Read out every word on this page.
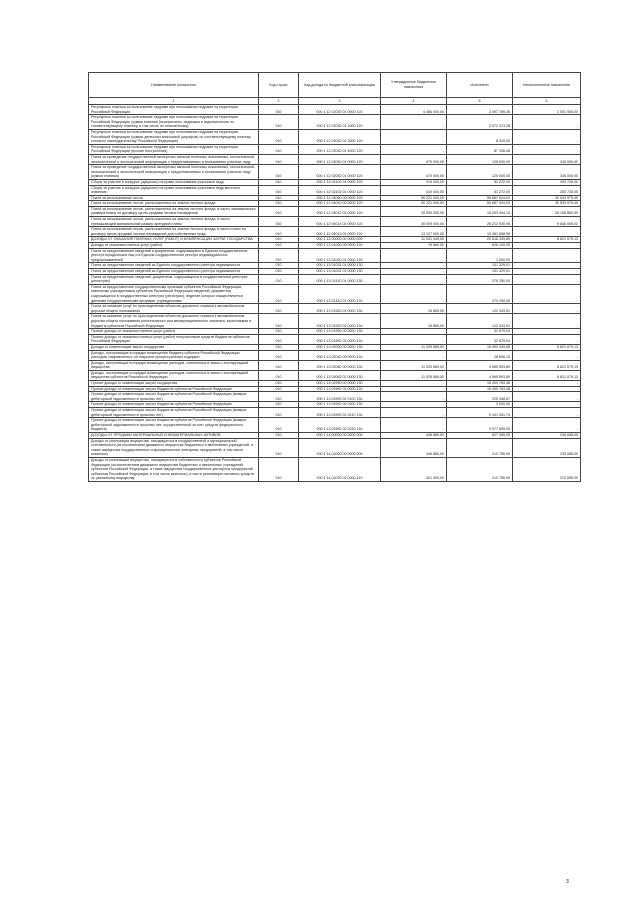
Наименование показателя	Код строки	Код дохода по бюджетной классификации	Утвержденные бюджетные назначения	Исполнено	Неисполненные назначения
1	2	3	4	5	6
Регулярные платежи за пользование недрами при пользовании недрами на территории Российской Федерации	010	000 1 12 02030 01 0000 120	4 466 000,00	3 097 789,36	2 051 506,00
Регулярные платежи за пользование недрами при пользовании недрами на территории Российской Федерации (сумма платежа (перерасчеты, недоимка и задолженность по соответствующему платежу, в том числе по отмененному)	010	000 1 12 02030 01 1000 120	-	2 972 373,28	-
Регулярные платежи за пользование недрами при пользовании недрами на территории Российской Федерации (суммы денежных взысканий (штрафов) по соответствующему платежу согласно законодательству Российской Федерации)	010	000 1 12 02030 01 3000 120	-	8 310,00	-
Регулярные платежи за пользование недрами при пользовании недрами на территории Российской Федерации (прочие поступления)	010	000 1 12 02030 01 4000 120	-	87 106,08	-
Плата за проведение государственной экспертизы запасов полезных ископаемых, геологической, экономической и экологической информации о предоставляемых в пользование участках недр	010	000 1 12 02050 01 0000 120	470 000,00	125 000,00	345 000,00
Плата за проведение государственной экспертизы запасов полезных ископаемых, геологической, экономической и экологической информации о предоставляемых в пользование участках недр (сумма платежа)	010	000 1 12 02052 01 0000 120	470 000,00	125 000,00	345 000,00
Сборы за участие в конкурсе (аукционе) на право пользования участками недр	010	000 1 12 02100 01 0000 120	315 000,00	51 272,00	263 728,00
Сборы за участие в конкурсе (аукционе) на право пользования участками недр местного значения	010	000 1 12 02102 02 0000 120	315 000,00	51 272,00	263 728,00
Плата за использование лесов	010	000 1 12 04000 00 0000 120	90 221 000,00	59 687 024,03	30 533 975,49
Плата за использование лесов, расположенных на землях лесного фонда	010	000 1 12 04010 00 0000 120	90 221 000,00	59 687 024,03	30 533 975,49
Плата за использование лесов, расположенных на землях лесного фонда, в части, минимального размера платы по договору купли-продажи лесных насаждений	010	000 1 12 04012 02 0000 120	35 059 000,00	18 253 494,12	26 158 860,99
Плата за использование лесов, расположенных на землях лесного фонда, в части, превышающей минимальный размер арендной платы	010	000 1 12 04014 02 0000 120	35 059 000,00	26 212 930,98	9 846 069,02
Плата за использование лесов, расположенных на землях лесного фонда, в части платы по договору купли-продажи лесных насаждений для собственных нужд	010	000 1 12 04013 02 0000 120	13 127 000,00	10 481 658,98	-
ДОХОДЫ ОТ ОКАЗАНИЯ ПЛАТНЫХ УСЛУГ (РАБОТ) И КОМПЕНСАЦИИ ЗАТРАТ ГОСУДАРСТВА	010	000 1 13 00000 00 0000 000	11 041 449,00	20 618 449,85	8 621 079,13
Доходы от оказания платных услуг (работ)	010	000 1 13 01000 00 0000 130	15 860,00	626 100,00	-
Плата за предоставление сведений и документов, содержащихся в Едином государственном реестре юридических лиц и в Едином государственном реестре индивидуальных предпринимателей	010	000 1 13 01020 01 0000 130	-	1 000,00	-
Плата за предоставление сведений из Единого государственного реестра недвижимости	010	000 1 13 01031 01 0000 130	-	101 329,01	-
Плата за предоставление сведений из Единого государственного реестра недвижимости	010	000 1 13 01031 01 0000 130	-	101 329,01	-
Плата за предоставление сведений, документов, содержащихся в государственных реестрах (регистрах)	010	000 1 13 01410 01 0000 130	-	379 250,00	-
Плата за предоставление государственными органами субъектов Российской Федерации, казенными учреждениями субъектов Российской Федерации сведений, документов, содержащихся в государственных реестрах (регистрах), ведение которых осуществляется данными государственными органами, учреждениями	010	000 1 13 01410 01 0000 130	-	379 250,00	-
Плата за оказание услуг по присоединению объектов дорожного сервиса к автомобильным дорогам общего пользования	010	000 1 13 01520 01 0000 130	15 860,00	122 043,51	-
Плата за оказание услуг по присоединению объектов дорожного сервиса к автомобильным дорогам общего пользования регионального или межмуниципального значения, зачисляемая в бюджеты субъектов Российской Федерации	010	000 1 13 01520 02 0000 130	15 860,00	122 043,51	-
Прочие доходы от оказания платных услуг (работ)	010	000 1 13 01990 00 0000 130	-	32 679,04	-
Прочие доходы от оказания платных услуг (работ) получателями средств бюджетов субъектов Российской Федерации	010	000 1 13 01992 02 0000 130	-	32 679,04	-
Доходы от компенсации затрат государства	010	000 1 13 02000 00 0000 130	11 025 589,00	19 993 349,85	8 621 079,13
Доходы, поступающие в порядке возмещения бюджету субъекта Российской Федерации расходов, направленных на покрытие процессуальных издержек	010	000 1 13 02040 00 0000 130	-	28 696,10	-
Доходы, поступающие в порядке возмещения расходов, понесенных в связи с эксплуатацией имущества	010	000 1 13 02060 00 0000 130	11 025 589,00	4 565 593,89	8 621 079,13
Доходы, поступающие в порядке возмещения расходов, понесенных в связи с эксплуатацией имущества субъектов Российской Федерации	010	000 1 13 02062 02 0000 130	11 025 589,00	4 565 593,89	8 621 079,13
Прочие доходы от компенсации затрат государства	010	000 1 13 02990 00 0000 130	-	15 409 763,48	-
Прочие доходы от компенсации затрат бюджетов субъектов Российской Федерации	010	000 1 13 02992 02 0000 130	-	15 409 763,48	-
Прочие доходы от компенсации затрат бюджетов субъектов Российской Федерации (возврат дебиторской задолженности прошлых лет)	010	000 1 13 02992 02 0100 130	-	225 348,67	-
Прочие доходы от компенсации затрат бюджетов субъектов Российской Федерации	010	000 1 13 02992 02 0200 130	-	3 000,00	-
Прочие доходы от компенсации затрат бюджетов субъектов Российской Федерации (возврат дебиторской задолженности прошлых лет)	010	000 1 13 02992 02 0210 130	-	9 101 051,74	-
Прочие доходы от компенсации затрат бюджетов субъектов Российской Федерации (возврат дебиторской задолженности прошлых лет, осуществленной за счет средств федерального бюджета)	010	000 1 13 02992 02 0220 130	-	9 077 695,00	-
ДОХОДЫ ОТ ПРОДАЖИ МАТЕРИАЛЬНЫХ И НЕМАТЕРИАЛЬНЫХ АКТИВОВ	010	000 1 14 00000 00 0000 000	446 880,00	627 455,00	238 085,00
Доходы от реализации имущества, находящегося в государственной и муниципальной собственности (за исключением движимого имущества бюджетных и автономных учреждений, а также имущества государственных и муниципальных унитарных предприятий, в том числе казенных)	010	000 1 14 02000 00 0000 000	446 880,00	210 785,00	235 085,00
Доходы от реализации имущества, находящегося в собственности субъектов Российской Федерации (за исключением движимого имущества бюджетных и автономных учреждений субъектов Российской Федерации, а также имущества государственных унитарных предприятий субъектов Российской Федерации, в том числе казенных), в части реализации основных средств по указанному имуществу	010	000 1 14 02020 02 0000 410	421 400,00	210 785,00	210 695,00
3
